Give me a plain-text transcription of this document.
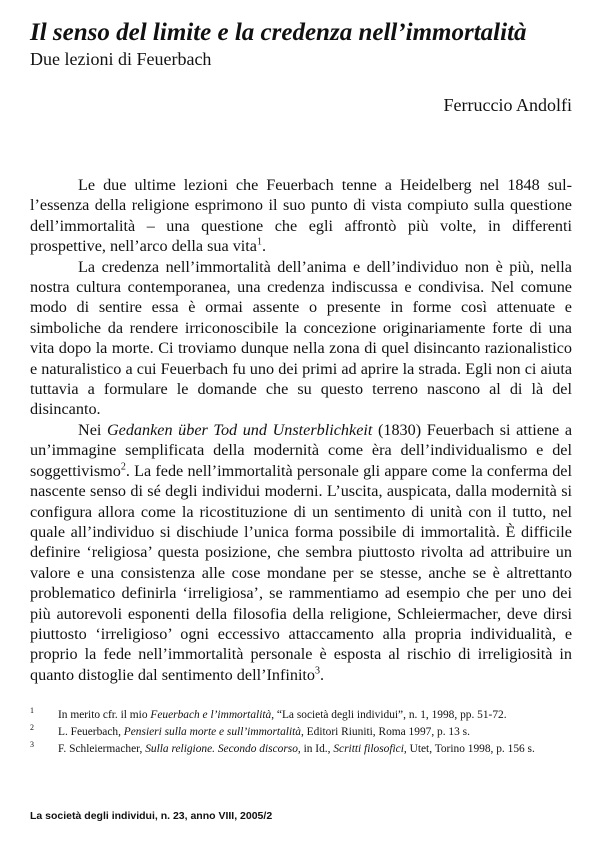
Il senso del limite e la credenza nell’immortalità

Due lezioni di Feuerbach

Ferruccio Andolfi

Le due ultime lezioni che Feuerbach tenne a Heidelberg nel 1848 sull’essenza della religione esprimono il suo punto di vista compiuto sulla questione dell’immortalità – una questione che egli affrontò più volte, in differenti prospettive, nell’arco della sua vita$^1$.

La credenza nell’immortalità dell’anima e dell’individuo non è più, nella nostra cultura contemporanea, una credenza indiscussa e condivisa. Nel comune modo di sentire essa è ormai assente o presente in forme così attenuate e simboliche da rendere irriconoscibile la concezione originariamente forte di una vita dopo la morte. Ci troviamo dunque nella zona di quel disincanto razionalistico e naturalistico a cui Feuerbach fu uno dei primi ad aprire la strada. Egli non ci aiuta tuttavia a formulare le domande che su questo terreno nascono al di là del disincanto.

Nei Gedanken über Tod und Unsterblichkeit (1830) Feuerbach si attiene a un’immagine semplificata della modernità come èra dell’individualismo e del soggettivismo$^2$. La fede nell’immortalità personale gli appare come la conferma del nascente senso di sé degli individui moderni. L’uscita, auspicata, dalla modernità si configura allora come la ricostituzione di un sentimento di unità con il tutto, nel quale all’individuo si dischiude l’unica forma possibile di immortalità. È difficile definire ‘religiosa’ questa posizione, che sembra piuttosto rivolta ad attribuire un valore e una consistenza alle cose mondane per se stesse, anche se è altrettanto problematico definirla ‘irreligiosa’, se rammentiamo ad esempio che per uno dei più autorevoli esponenti della filosofia della religione, Schleiermacher, deve dirsi piuttosto ‘irreligioso’ ogni eccessivo attaccamento alla propria individualità, e proprio la fede nell’immortalità personale è esposta al rischio di irreligiosità in quanto distoglie dal sentimento dell’Infinito$^3$.

$^1$ In merito cfr. il mio Feuerbach e l’immortalità, “La società degli individui”, n. 1, 1998, pp. 51-72.

$^2$ L. Feuerbach, Pensieri sulla morte e sull’immortalità, Editori Riuniti, Roma 1997, p. 13 s.

$^3$ F. Schleiermacher, Sulla religione. Secondo discorso, in Id., Scritti filosofici, Utet, Torino 1998, p. 156 s.

La società degli individui, n. 23, anno VIII, 2005/2
